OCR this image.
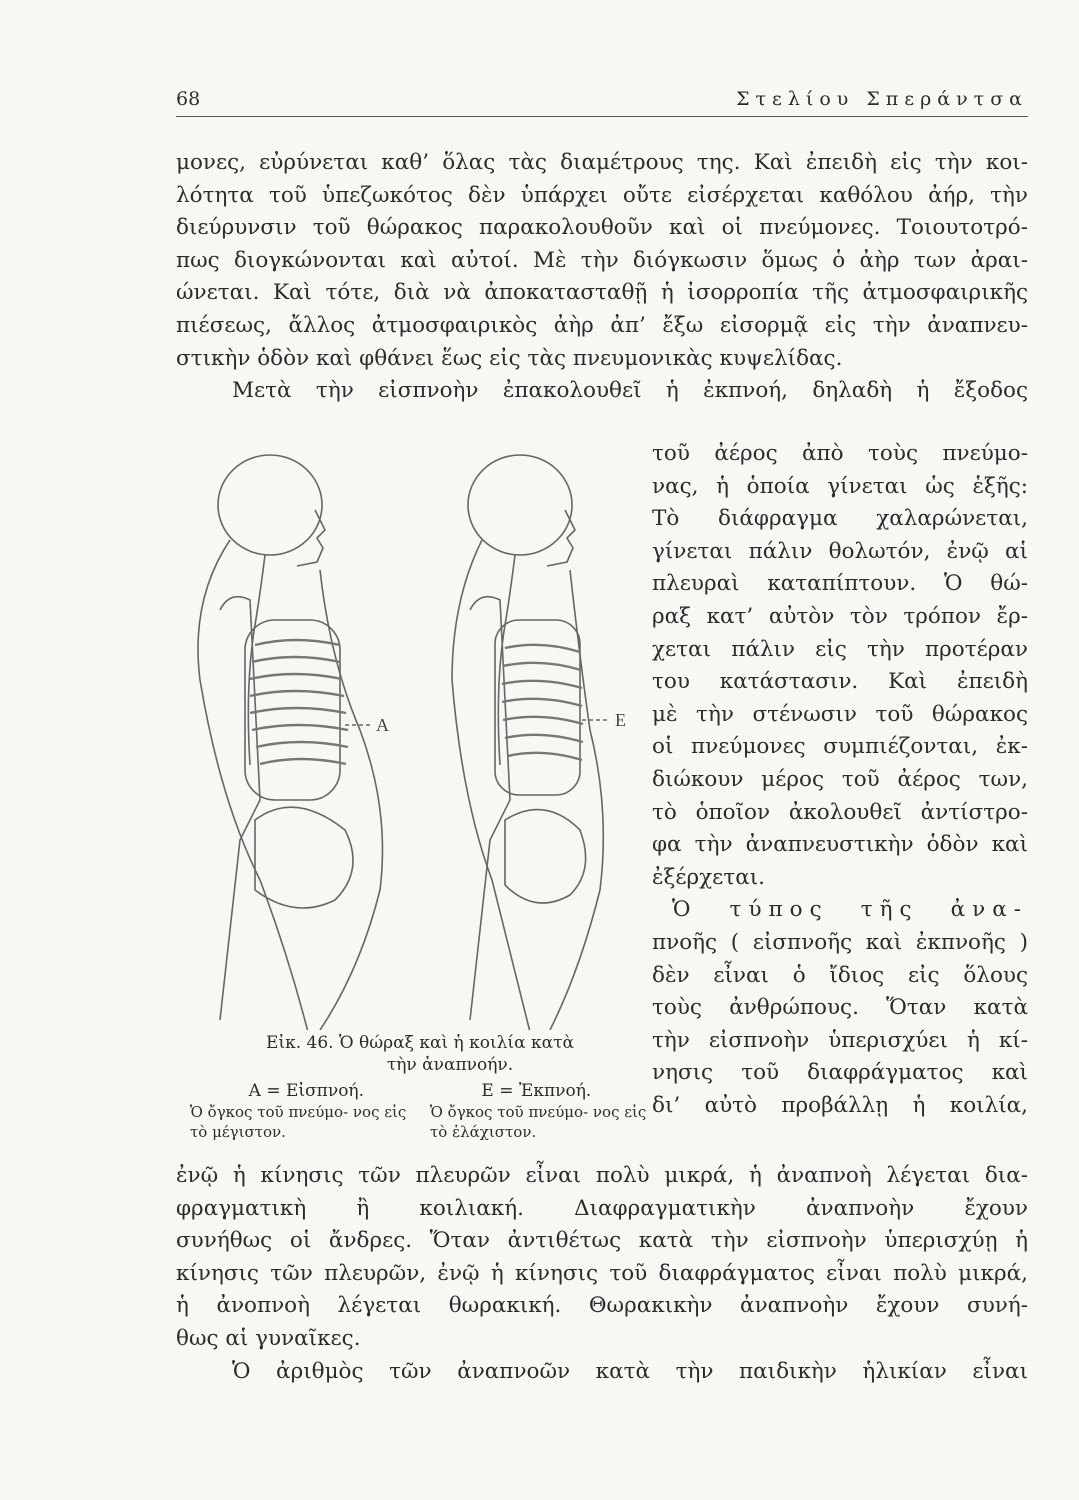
68	Στελίου Σπεράντσα
μονες, εὐρύνεται καθ’ ὅλας τὰς διαμέτρους της. Καὶ ἐπειδὴ εἰς τὴν κοι-
λότητα τοῦ ὑπεζωκότος δὲν ὑπάρχει οὔτε εἰσέρχεται καθόλου ἀήρ, τὴν
διεύρυνσιν τοῦ θώρακος παρακολουθοῦν καὶ οἱ πνεύμονες. Τοιουτοτρό-
πως διογκώνονται καὶ αὐτοί. Μὲ τὴν διόγκωσιν ὅμως ὁ ἀὴρ των ἀραι-
ώνεται. Καὶ τότε, διὰ νὰ ἀποκατασταθῇ ἡ ἰσορροπία τῆς ἀτμοσφαιρικῆς
πιέσεως, ἄλλος ἀτμοσφαιρικὸς ἀὴρ ἀπ’ ἔξω εἰσορμᾷ εἰς τὴν ἀναπνευ-
στικὴν ὁδὸν καὶ φθάνει ἕως εἰς τὰς πνευμονικὰς κυψελίδας.
Μετὰ τὴν εἰσπνοὴν ἐπακολουθεῖ ἡ ἐκπνοή, δηλαδὴ ἡ ἔξοδος
τοῦ ἀέρος ἀπὸ τοὺς πνεύμο-
νας, ἡ ὁποία γίνεται ὡς ἑξῆς:
Τὸ διάφραγμα χαλαρώνεται,
γίνεται πάλιν θολωτόν, ἐνῷ αἱ
πλευραὶ καταπίπτουν. Ὁ θώ-
ραξ κατ’ αὐτὸν τὸν τρόπον ἔρ-
χεται πάλιν εἰς τὴν προτέραν
του κατάστασιν. Καὶ ἐπειδὴ
μὲ τὴν στένωσιν τοῦ θώρακος
οἱ πνεύμονες συμπιέζονται, ἐκ-
διώκουν μέρος τοῦ ἀέρος των,
τὸ ὁποῖον ἀκολουθεῖ ἀντίστρο-
φα τὴν ἀναπνευστικὴν ὁδὸν καὶ
ἐξέρχεται.
Ὁ τύπος τῆς ἀνα-
πνοῆς ( εἰσπνοῆς καὶ ἐκπνοῆς )
δὲν εἶναι ὁ ἴδιος εἰς ὅλους
τοὺς ἀνθρώπους. Ὅταν κατὰ
τὴν εἰσπνοὴν ὑπερισχύει ἡ κί-
νησις τοῦ διαφράγματος καὶ
δι’ αὐτὸ προβάλλῃ ἡ κοιλία,
A	E
Εἰκ. 46. Ὁ θώραξ καὶ ἡ κοιλία κατὰ
τὴν ἀναπνοήν.
A = Εἰσπνοή.	E = Ἐκπνοή.
Ὁ ὄγκος τοῦ πνεύμο- νος εἰς τὸ μέγιστον.
Ὁ ὄγκος τοῦ πνεύμο- νος εἰς τὸ ἐλάχιστον.
ἐνῷ ἡ κίνησις τῶν πλευρῶν εἶναι πολὺ μικρά, ἡ ἀναπνοὴ λέγεται δια-
φραγματικὴ ἢ κοιλιακή. Διαφραγματικὴν ἀναπνοὴν ἔχουν
συνήθως οἱ ἄνδρες. Ὅταν ἀντιθέτως κατὰ τὴν εἰσπνοὴν ὑπερισχύῃ ἡ
κίνησις τῶν πλευρῶν, ἐνῷ ἡ κίνησις τοῦ διαφράγματος εἶναι πολὺ μικρά,
ἡ ἀνοπνοὴ λέγεται θωρακική. Θωρακικὴν ἀναπνοὴν ἔχουν συνή-
θως αἱ γυναῖκες.
Ὁ ἀριθμὸς τῶν ἀναπνοῶν κατὰ τὴν παιδικὴν ἡλικίαν εἶναι
